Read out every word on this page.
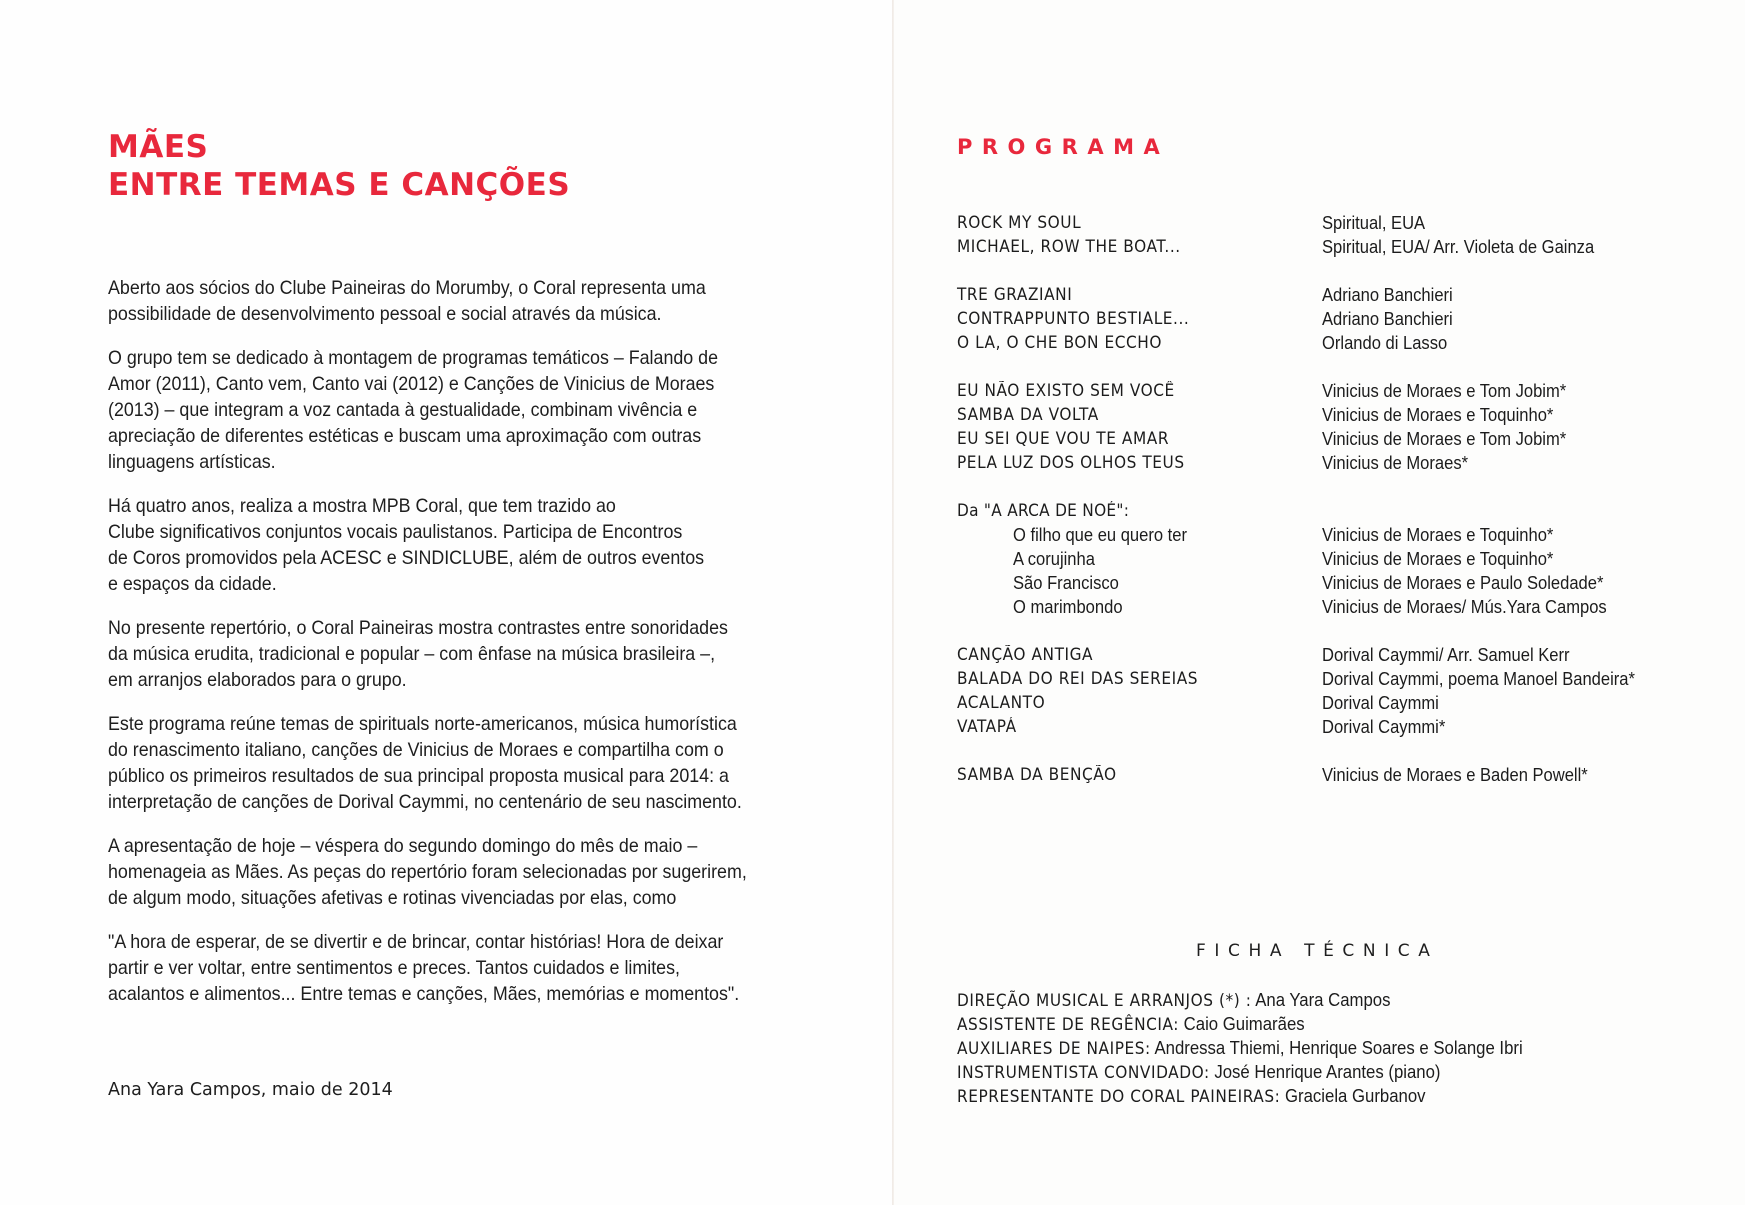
MÃES
ENTRE TEMAS E CANÇÕES

Aberto aos sócios do Clube Paineiras do Morumby, o Coral representa uma
possibilidade de desenvolvimento pessoal e social através da música.

O grupo tem se dedicado à montagem de programas temáticos – Falando de
Amor (2011), Canto vem, Canto vai (2012) e Canções de Vinicius de Moraes
(2013) – que integram a voz cantada à gestualidade, combinam vivência e
apreciação de diferentes estéticas e buscam uma aproximação com outras
linguagens artísticas.

Há quatro anos, realiza a mostra MPB Coral, que tem trazido ao
Clube significativos conjuntos vocais paulistanos. Participa de Encontros
de Coros promovidos pela ACESC e SINDICLUBE, além de outros eventos
e espaços da cidade.

No presente repertório, o Coral Paineiras mostra contrastes entre sonoridades
da música erudita, tradicional e popular – com ênfase na música brasileira –,
em arranjos elaborados para o grupo.

Este programa reúne temas de spirituals norte-americanos, música humorística
do renascimento italiano, canções de Vinicius de Moraes e compartilha com o
público os primeiros resultados de sua principal proposta musical para 2014: a
interpretação de canções de Dorival Caymmi, no centenário de seu nascimento.

A apresentação de hoje – véspera do segundo domingo do mês de maio –
homenageia as Mães. As peças do repertório foram selecionadas por sugerirem,
de algum modo, situações afetivas e rotinas vivenciadas por elas, como

"A hora de esperar, de se divertir e de brincar, contar histórias! Hora de deixar
partir e ver voltar, entre sentimentos e preces. Tantos cuidados e limites,
acalantos e alimentos... Entre temas e canções, Mães, memórias e momentos".

Ana Yara Campos, maio de 2014
PROGRAMA
ROCK MY SOUL	Spiritual, EUA
MICHAEL, ROW THE BOAT...	Spiritual, EUA/ Arr. Violeta de Gainza
TRE GRAZIANI	Adriano Banchieri
CONTRAPPUNTO BESTIALE...	Adriano Banchieri
O LA, O CHE BON ECCHO	Orlando di Lasso
EU NÃO EXISTO SEM VOCÊ	Vinicius de Moraes e Tom Jobim*
SAMBA DA VOLTA	Vinicius de Moraes e Toquinho*
EU SEI QUE VOU TE AMAR	Vinicius de Moraes e Tom Jobim*
PELA LUZ DOS OLHOS TEUS	Vinicius de Moraes*
Da "A ARCA DE NOÉ":
O filho que eu quero ter	Vinicius de Moraes e Toquinho*
A corujinha	Vinicius de Moraes e Toquinho*
São Francisco	Vinicius de Moraes e Paulo Soledade*
O marimbondo	Vinicius de Moraes/ Mús.Yara Campos
CANÇÃO ANTIGA	Dorival Caymmi/ Arr. Samuel Kerr
BALADA DO REI DAS SEREIAS	Dorival Caymmi, poema Manoel Bandeira*
ACALANTO	Dorival Caymmi
VATAPÁ	Dorival Caymmi*
SAMBA DA BENÇÃO	Vinicius de Moraes e Baden Powell*
FICHA TÉCNICA
DIREÇÃO MUSICAL E ARRANJOS (*) : Ana Yara Campos
ASSISTENTE DE REGÊNCIA: Caio Guimarães
AUXILIARES DE NAIPES: Andressa Thiemi, Henrique Soares e Solange Ibri
INSTRUMENTISTA CONVIDADO: José Henrique Arantes (piano)
REPRESENTANTE DO CORAL PAINEIRAS: Graciela Gurbanov
